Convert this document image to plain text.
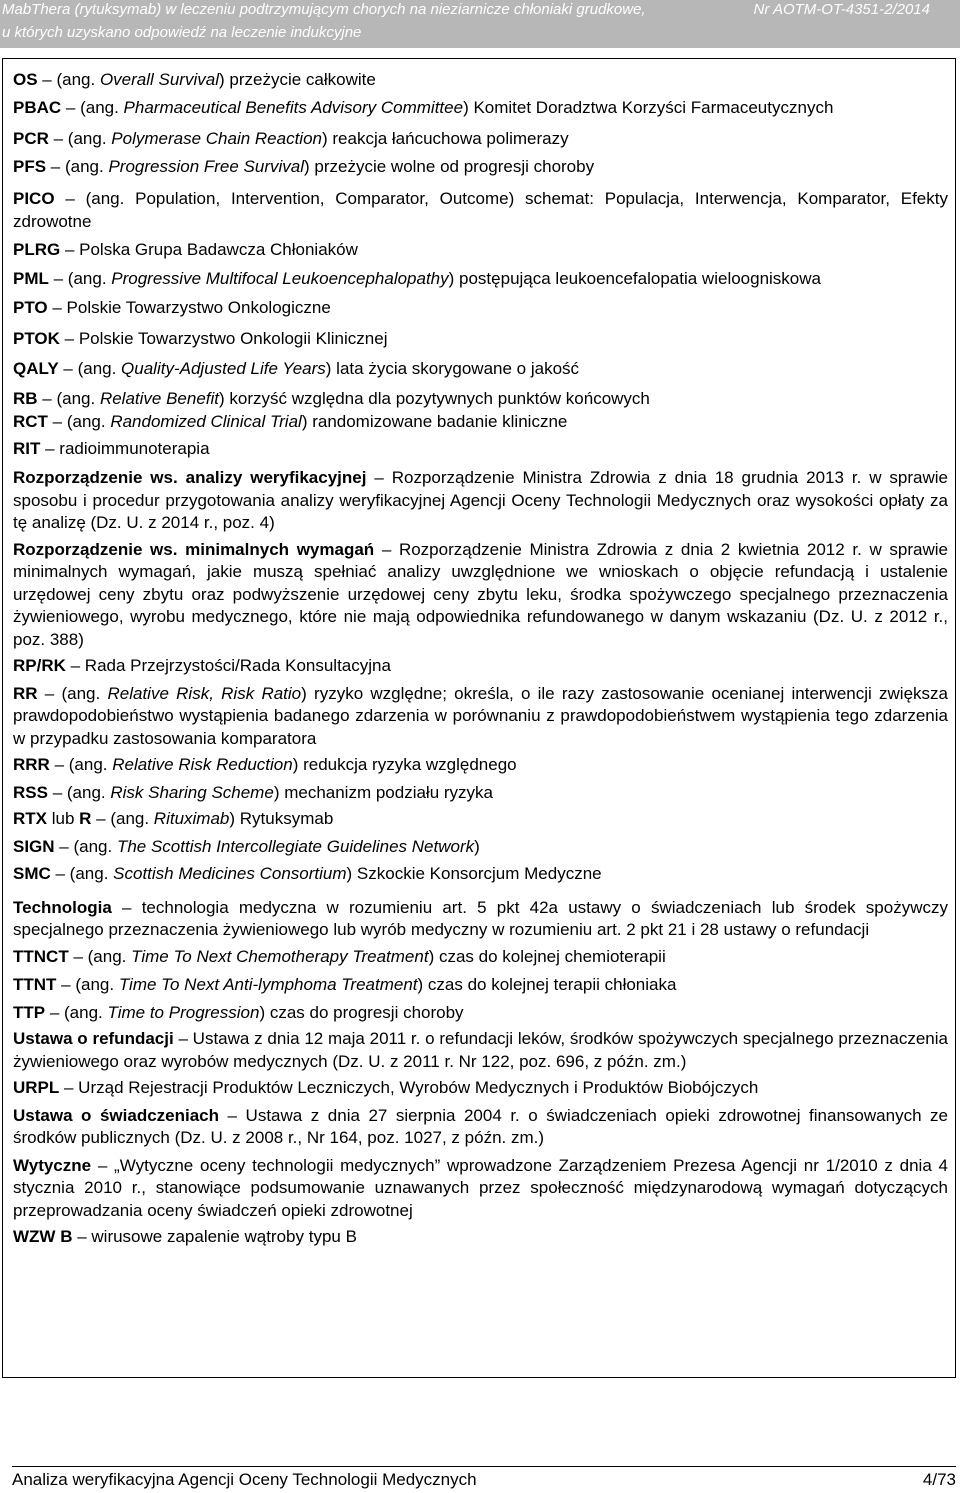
MabThera (rytuksymab) w leczeniu podtrzymującym chorych na nieziarnicze chłoniaki grudkowe,
u których uzyskano odpowiedź na leczenie indukcyjne
Nr AOTM-OT-4351-2/2014

OS – (ang. Overall Survival) przeżycie całkowite

PBAC – (ang. Pharmaceutical Benefits Advisory Committee) Komitet Doradztwa Korzyści Farmaceutycznych

PCR – (ang. Polymerase Chain Reaction) reakcja łańcuchowa polimerazy

PFS – (ang. Progression Free Survival) przeżycie wolne od progresji choroby

PICO – (ang. Population, Intervention, Comparator, Outcome) schemat: Populacja, Interwencja, Komparator, Efekty zdrowotne

PLRG – Polska Grupa Badawcza Chłoniaków

PML – (ang. Progressive Multifocal Leukoencephalopathy) postępująca leukoencefalopatia wieloogniskowa

PTO – Polskie Towarzystwo Onkologiczne

PTOK – Polskie Towarzystwo Onkologii Klinicznej

QALY – (ang. Quality-Adjusted Life Years) lata życia skorygowane o jakość

RB – (ang. Relative Benefit) korzyść względna dla pozytywnych punktów końcowych

RCT – (ang. Randomized Clinical Trial) randomizowane badanie kliniczne

RIT – radioimmunoterapia

Rozporządzenie ws. analizy weryfikacyjnej – Rozporządzenie Ministra Zdrowia z dnia 18 grudnia 2013 r. w sprawie sposobu i procedur przygotowania analizy weryfikacyjnej Agencji Oceny Technologii Medycznych oraz wysokości opłaty za tę analizę (Dz. U. z 2014 r., poz. 4)

Rozporządzenie ws. minimalnych wymagań – Rozporządzenie Ministra Zdrowia z dnia 2 kwietnia 2012 r. w sprawie minimalnych wymagań, jakie muszą spełniać analizy uwzględnione we wnioskach o objęcie refundacją i ustalenie urzędowej ceny zbytu oraz podwyższenie urzędowej ceny zbytu leku, środka spożywczego specjalnego przeznaczenia żywieniowego, wyrobu medycznego, które nie mają odpowiednika refundowanego w danym wskazaniu (Dz. U. z 2012 r., poz. 388)

RP/RK – Rada Przejrzystości/Rada Konsultacyjna

RR – (ang. Relative Risk, Risk Ratio) ryzyko względne; określa, o ile razy zastosowanie ocenianej interwencji zwiększa prawdopodobieństwo wystąpienia badanego zdarzenia w porównaniu z prawdopodobieństwem wystąpienia tego zdarzenia w przypadku zastosowania komparatora

RRR – (ang. Relative Risk Reduction) redukcja ryzyka względnego

RSS – (ang. Risk Sharing Scheme) mechanizm podziału ryzyka

RTX lub R – (ang. Rituximab) Rytuksymab

SIGN – (ang. The Scottish Intercollegiate Guidelines Network)

SMC – (ang. Scottish Medicines Consortium) Szkockie Konsorcjum Medyczne

Technologia – technologia medyczna w rozumieniu art. 5 pkt 42a ustawy o świadczeniach lub środek spożywczy specjalnego przeznaczenia żywieniowego lub wyrób medyczny w rozumieniu art. 2 pkt 21 i 28 ustawy o refundacji

TTNCT – (ang. Time To Next Chemotherapy Treatment) czas do kolejnej chemioterapii

TTNT – (ang. Time To Next Anti-lymphoma Treatment) czas do kolejnej terapii chłoniaka

TTP – (ang. Time to Progression) czas do progresji choroby

Ustawa o refundacji – Ustawa z dnia 12 maja 2011 r. o refundacji leków, środków spożywczych specjalnego przeznaczenia żywieniowego oraz wyrobów medycznych (Dz. U. z 2011 r. Nr 122, poz. 696, z późn. zm.)

URPL – Urząd Rejestracji Produktów Leczniczych, Wyrobów Medycznych i Produktów Biobójczych

Ustawa o świadczeniach – Ustawa z dnia 27 sierpnia 2004 r. o świadczeniach opieki zdrowotnej finansowanych ze środków publicznych (Dz. U. z 2008 r., Nr 164, poz. 1027, z późn. zm.)

Wytyczne – „Wytyczne oceny technologii medycznych” wprowadzone Zarządzeniem Prezesa Agencji nr 1/2010 z dnia 4 stycznia 2010 r., stanowiące podsumowanie uznawanych przez społeczność międzynarodową wymagań dotyczących przeprowadzania oceny świadczeń opieki zdrowotnej

WZW B – wirusowe zapalenie wątroby typu B

Analiza weryfikacyjna Agencji Oceny Technologii Medycznych	4/73
